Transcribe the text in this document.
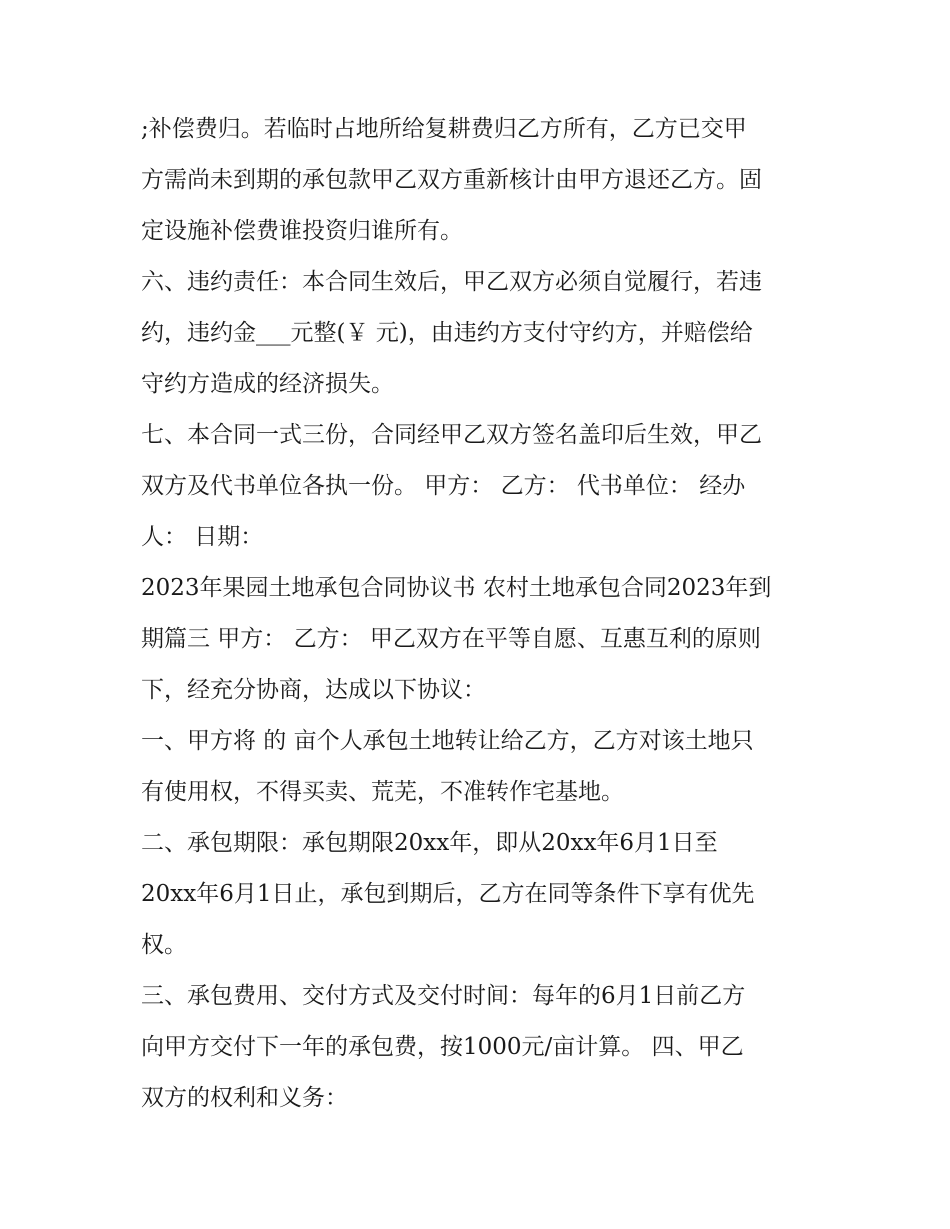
;补偿费归。若临时占地所给复耕费归乙方所有，乙方已交甲
方需尚未到期的承包款甲乙双方重新核计由甲方退还乙方。固
定设施补偿费谁投资归谁所有。
六、违约责任：本合同生效后，甲乙双方必须自觉履行，若违
约，违约金___元整(￥ 元)，由违约方支付守约方，并赔偿给
守约方造成的经济损失。
七、本合同一式三份，合同经甲乙双方签名盖印后生效，甲乙
双方及代书单位各执一份。 甲方： 乙方： 代书单位： 经办
人： 日期：
2023年果园土地承包合同协议书 农村土地承包合同2023年到
期篇三 甲方： 乙方： 甲乙双方在平等自愿、互惠互利的原则
下，经充分协商，达成以下协议：
一、甲方将 的 亩个人承包土地转让给乙方，乙方对该土地只
有使用权，不得买卖、荒芜，不准转作宅基地。
二、承包期限：承包期限20xx年，即从20xx年6月1日至
20xx年6月1日止，承包到期后，乙方在同等条件下享有优先
权。
三、承包费用、交付方式及交付时间：每年的6月1日前乙方
向甲方交付下一年的承包费，按1000元/亩计算。 四、甲乙
双方的权利和义务：
